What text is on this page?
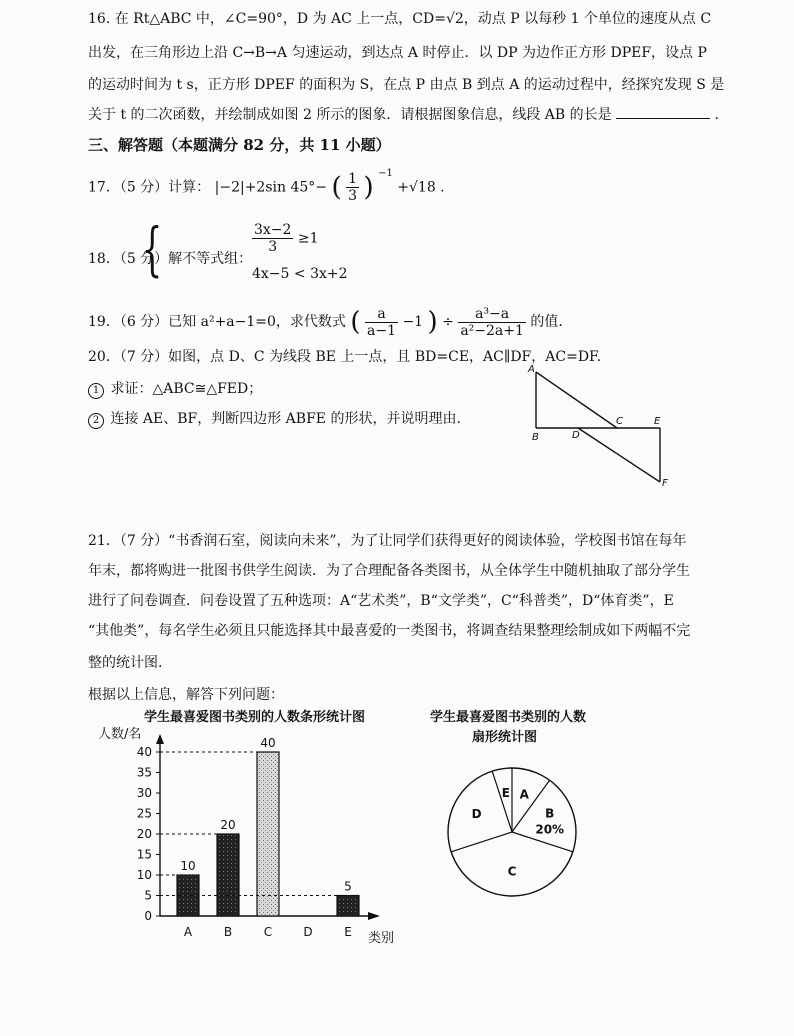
16. 在 Rt△ABC 中，∠C=90°，D 为 AC 上一点，CD=√2，动点 P 以每秒 1 个单位的速度从点 C
出发，在三角形边上沿 C→B→A 匀速运动，到达点 A 时停止．以 DP 为边作正方形 DPEF，设点 P
的运动时间为 t s，正方形 DPEF 的面积为 S，在点 P 由点 B 到点 A 的运动过程中，经探究发现 S 是
关于 t 的二次函数，并绘制成如图 2 所示的图象．请根据图象信息，线段 AB 的长是	.
三、解答题（本题满分 82 分，共 11 小题）
17．（5 分）计算： |−2|+2sin 45°− ( $\frac{1}{3}$ ) $^{-1}$ +√18 .
18．（5 分）解不等式组：
{	$\frac{3x-2}{3} \ge 1$
4x−5 < 3x+2
19．（6 分）已知 a²+a−1=0，求代数式 ( $\frac{a}{a-1} -1$ ) ÷ $\frac{\text{a³−a}}{\text{a²−2a+1}}$ 的值.
20．（7 分）如图，点 D、C 为线段 BE 上一点，且 BD=CE，AC∥DF，AC=DF.
1 求证：△ABC≅△FED；
2 连接 AE、BF，判断四边形 ABFE 的形状，并说明理由.
A
B
C
D
E
F
21．（7 分）“书香润石室，阅读向未来”，为了让同学们获得更好的阅读体验，学校图书馆在每年
年末，都将购进一批图书供学生阅读．为了合理配备各类图书，从全体学生中随机抽取了部分学生
进行了问卷调查．问卷设置了五种选项：A“艺术类”，B“文学类”，C“科普类”，D“体育类”，E
“其他类”，每名学生必须且只能选择其中最喜爱的一类图书，将调查结果整理绘制成如下两幅不完
整的统计图.
根据以上信息，解答下列问题：
学生最喜爱图书类别的人数条形统计图
人数/名
类别
0
5
10
15
20
25
30
35
40
A
10
B
20
C
40
D	E
5
学生最喜爱图书类别的人数
扇形统计图
A
B
20%
C
D
E
